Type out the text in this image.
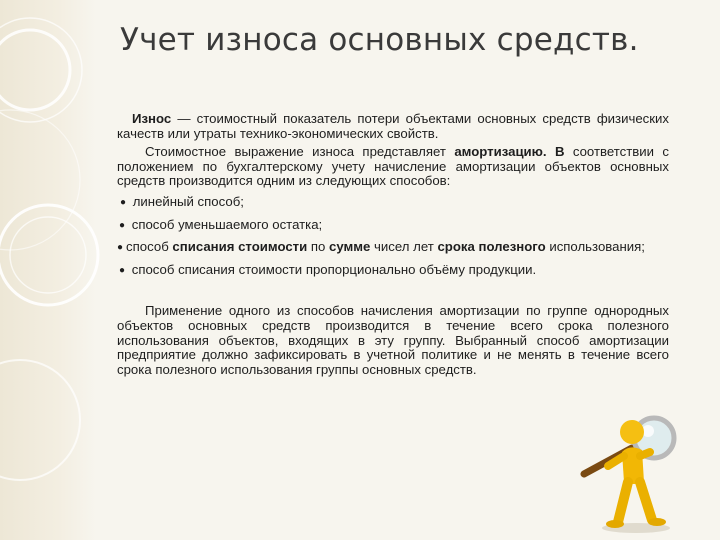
Учет износа основных средств.

Износ — стоимостный показатель потери объектами основных средств физических качеств или утраты технико-экономических свойств.

Стоимостное выражение износа представляет амортизацию. В соответствии с положением по бухгалтерскому учету начисление амортизации объектов основных средств производится одним из следующих способов:

● линейный способ;
● способ уменьшаемого остатка;
● способ списания стоимости по сумме чисел лет срока полезного использования;
● способ списания стоимости пропорционально объёму продукции.

Применение одного из способов начисления амортизации по группе однородных объектов основных средств производится в течение всего срока полезного использования объектов, входящих в эту группу. Выбранный способ амортизации предприятие должно зафиксировать в учетной политике и не менять в течение всего срока полезного использования группы основных средств.
